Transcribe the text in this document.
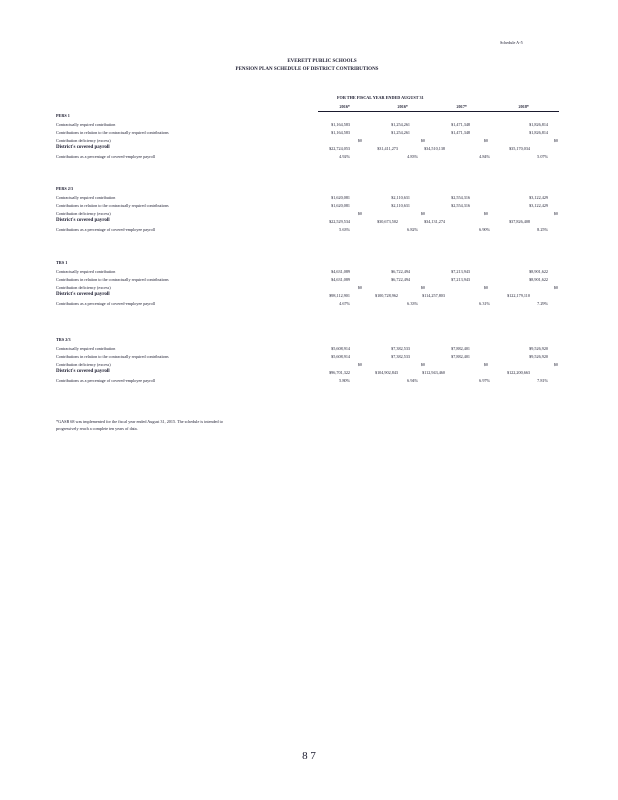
Schedule A-5
EVERETT PUBLIC SCHOOLS
PENSION PLAN SCHEDULE OF DISTRICT CONTRIBUTIONS
FOR THE FISCAL YEAR ENDED AUGUST 31
2016*	2016*	2017*	2018*
PERS 1
Contractually required contribution	$1,164,583	$1,254,261	$1,471,348	$1,826,814
Contributions in relation to the contractually required contributions	$1,164,583	$1,254,261	$1,471,348	$1,826,814
Contribution deficiency (excess)	$0	$0	$0	$0
District's covered payroll	$22,724,053	$31,411,273	$34,510,138	$35,170,034
Contributions as a percentage of covered-employee payroll	4.92%	4.83%	4.84%	5.07%
PERS 2/3
Contractually required contribution	$1,620,081	$2,110,631	$2,554,316	$3,122,429
Contributions in relation to the contractually required contributions	$1,620,081	$2,110,631	$2,554,316	$3,122,429
Contribution deficiency (excess)	$0	$0	$0	$0
District's covered payroll	$22,529,534	$30,673,502	$34,131,274	$37,826,408
Contributions as a percentage of covered-employee payroll	5.63%	6.82%	6.90%	8.25%
TRS 1
Contractually required contribution	$4,631,089	$6,722,494	$7,213,943	$8,901,622
Contributions in relation to the contractually required contributions	$4,631,089	$6,722,494	$7,213,943	$8,901,622
Contribution deficiency (excess)	$0	$0	$0	$0
District's covered payroll	$98,112,901	$100,728,962	$114,257,803	$122,179,110
Contributions as a percentage of covered-employee payroll	4.67%	6.33%	6.31%	7.29%
TRS 2/3
Contractually required contribution	$5,608,914	$7,382,533	$7,882,401	$9,526,920
Contributions in relation to the contractually required contributions	$5,608,914	$7,382,533	$7,882,401	$9,526,920
Contribution deficiency (excess)	$0	$0	$0	$0
District's covered payroll	$96,701,322	$104,902,843	$112,943,460	$122,200,663
Contributions as a percentage of covered-employee payroll	5.80%	6.94%	6.97%	7.81%
*GASB 68 was implemented for the fiscal year ended August 31, 2015. The schedule is intended to
progressively reach a complete ten years of data.
8 7
